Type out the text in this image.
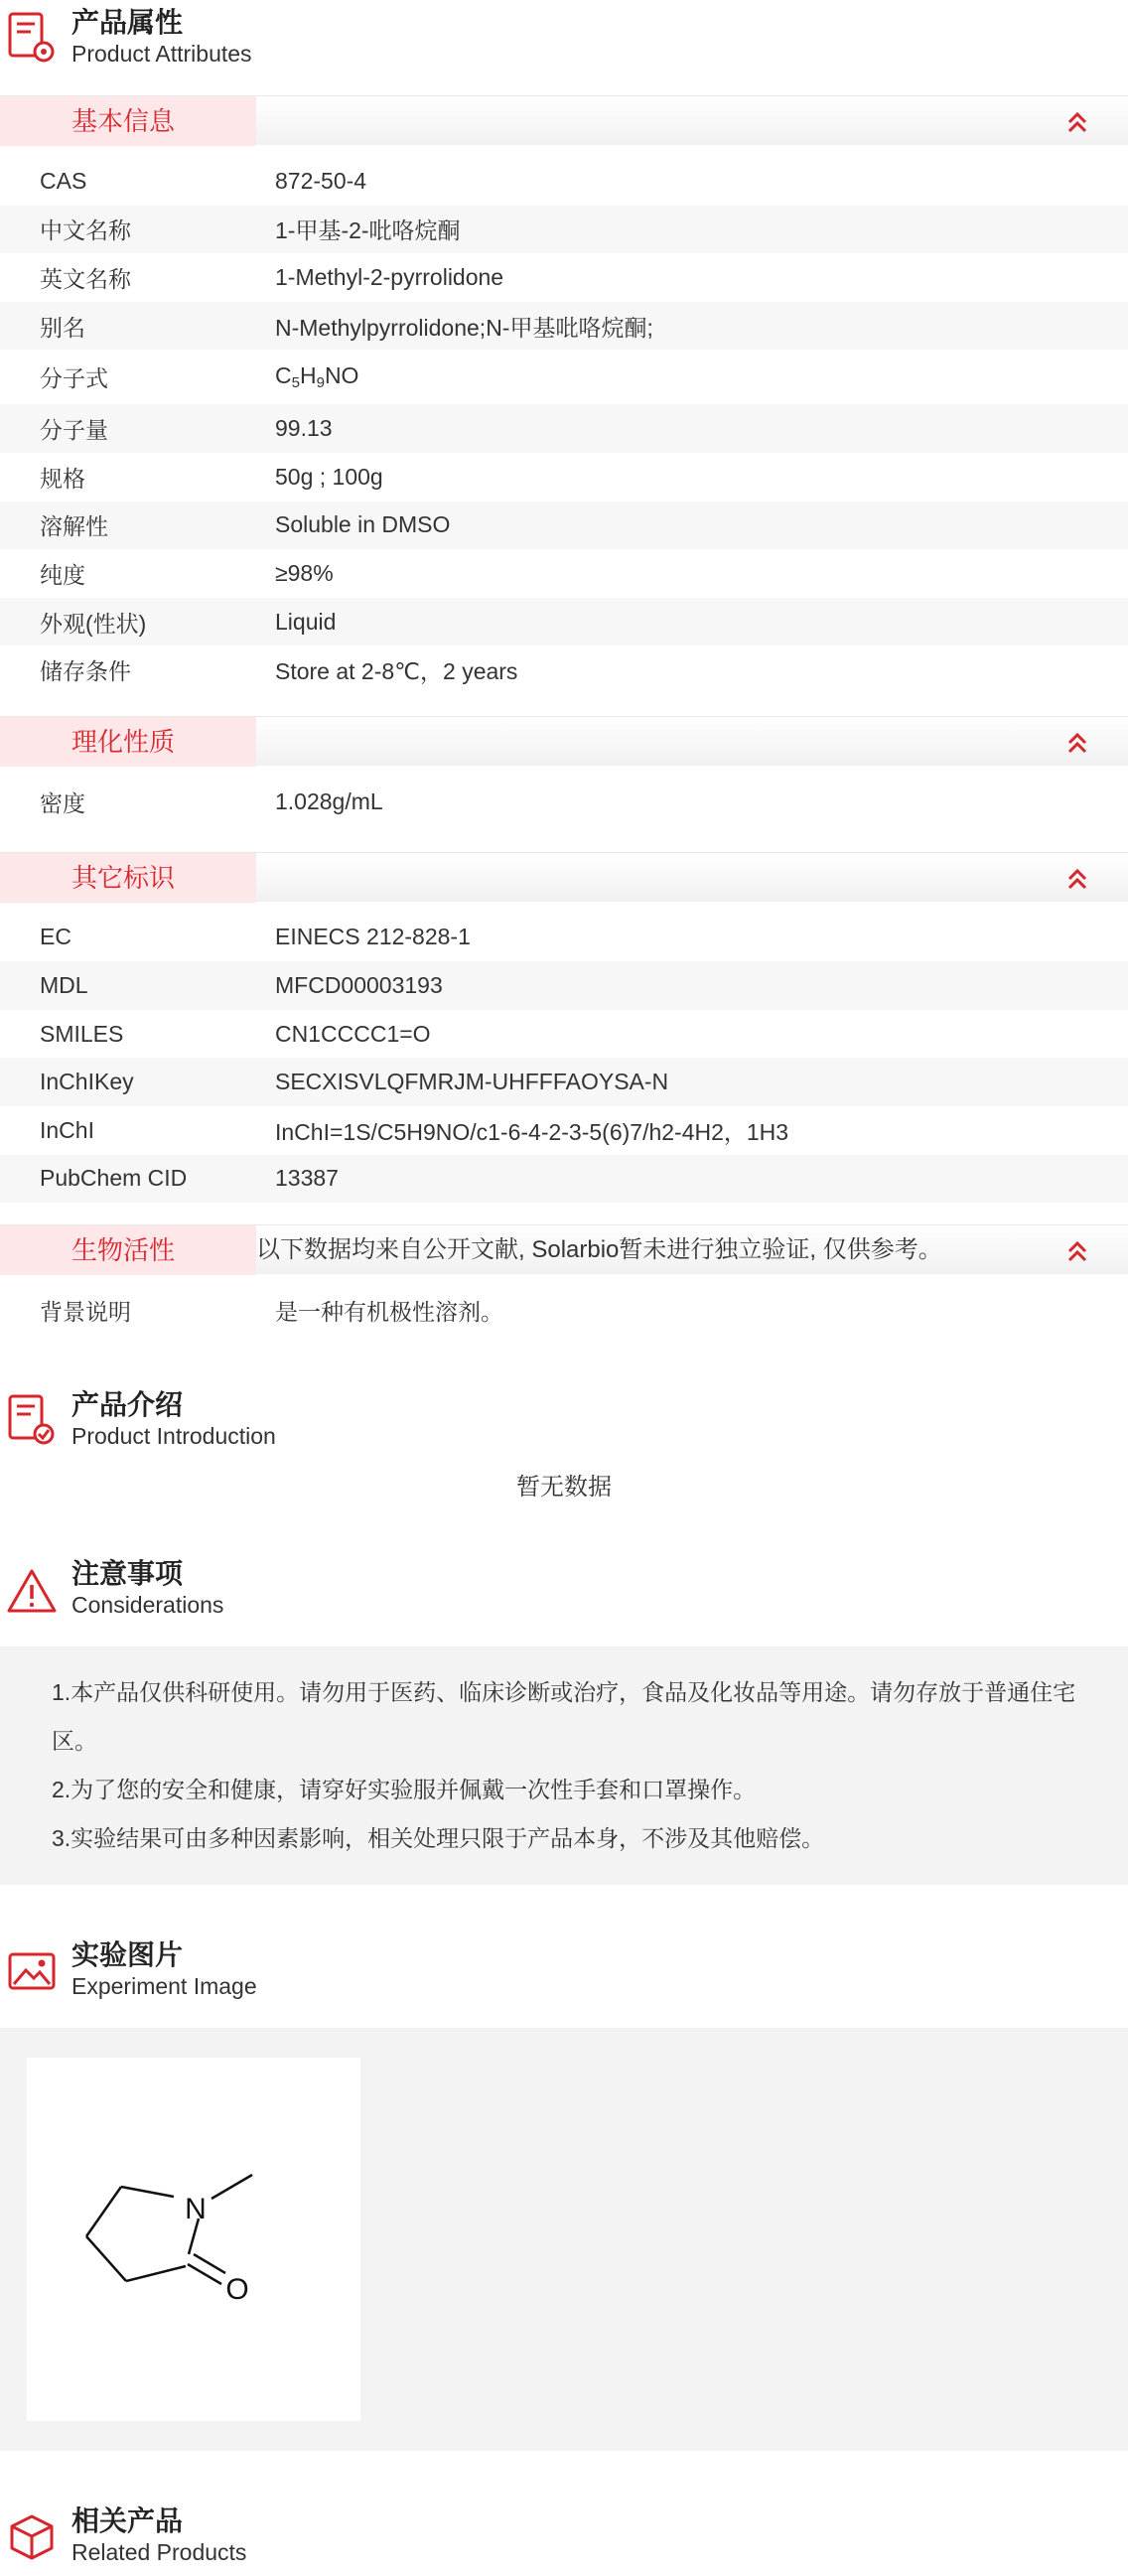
产品属性
Product Attributes
基本信息
CAS	872-50-4
中文名称	1-甲基-2-吡咯烷酮
英文名称	1-Methyl-2-pyrrolidone
别名	N-Methylpyrrolidone;N-甲基吡咯烷酮;
分子式	$C_5H_9NO$
分子量	99.13
规格	50g ; 100g
溶解性	Soluble in DMSO
纯度	≥98%
外观(性状)	Liquid
储存条件	Store at 2-8℃，2 years
理化性质
密度	1.028g/mL
其它标识
EC	EINECS 212-828-1
MDL	MFCD00003193
SMILES	CN1CCCC1=O
InChIKey	SECXISVLQFMRJM-UHFFFAOYSA-N
InChI	InChI=1S/C5H9NO/c1-6-4-2-3-5(6)7/h2-4H2，1H3
PubChem CID	13387
生物活性	以下数据均来自公开文献, Solarbio暂未进行独立验证, 仅供参考。
背景说明	是一种有机极性溶剂。
产品介绍
Product Introduction
暂无数据
注意事项
Considerations
1.本产品仅供科研使用。请勿用于医药、临床诊断或治疗，食品及化妆品等用途。请勿存放于普通住宅区。
2.为了您的安全和健康，请穿好实验服并佩戴一次性手套和口罩操作。
3.实验结果可由多种因素影响，相关处理只限于产品本身，不涉及其他赔偿。
实验图片
Experiment Image
N
O
相关产品
Related Products
